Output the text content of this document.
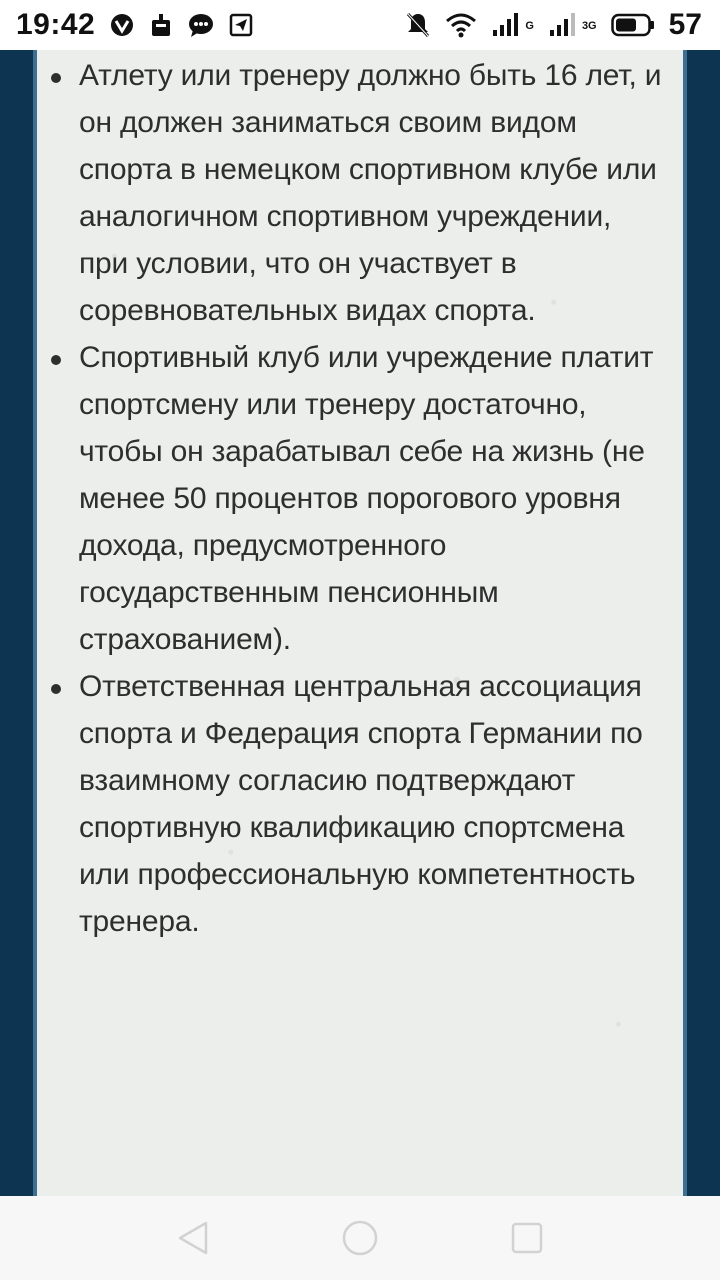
19:42	G	3G 57
Атлету или тренеру должно быть 16 лет, и он должен заниматься своим видом спорта в немецком спортивном клубе или аналогичном спортивном учреждении, при условии, что он участвует в соревновательных видах спорта.
Спортивный клуб или учреждение платит спортсмену или тренеру достаточно, чтобы он зарабатывал себе на жизнь (не менее 50 процентов порогового уровня дохода, предусмотренного государственным пенсионным страхованием).
Ответственная центральная ассоциация спорта и Федерация спорта Германии по взаимному согласию подтверждают спортивную квалификацию спортсмена или профессиональную компетентность тренера.
